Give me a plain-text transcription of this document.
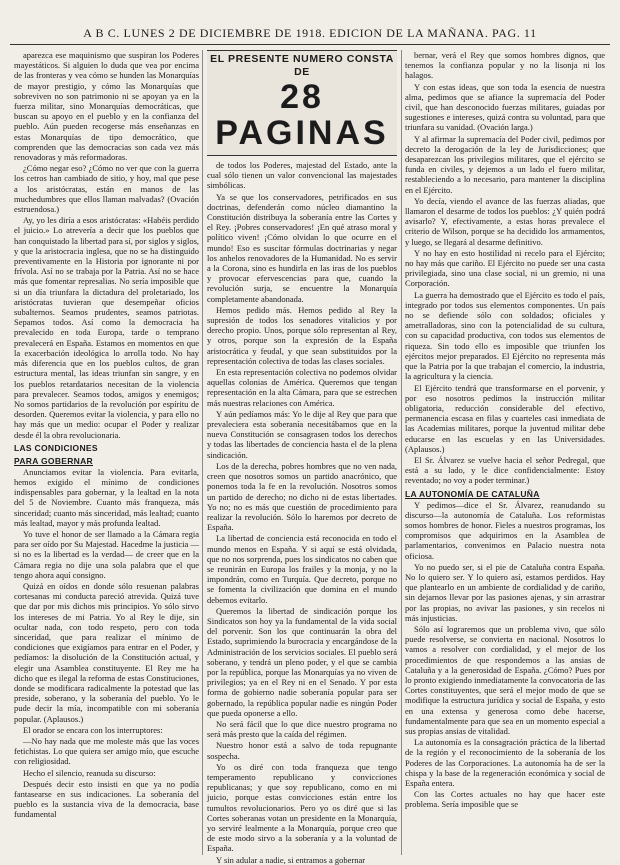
A B C. LUNES 2 DE DICIEMBRE DE 1918. EDICION DE LA MAÑANA. PAG. 11

aparezca ese maquinismo que suspiran los Poderes mayestáticos. Si alguien lo duda que vea por encima de las fronteras y vea cómo se hunden las Monarquías de mayor prestigio, y cómo las Monarquías que sobreviven no son patrimonio ni se apoyan ya en la fuerza militar, sino Monarquías democráticas, que buscan su apoyo en el pueblo y en la confianza del pueblo. Aún pueden recogerse más enseñanzas en estas Monarquías de tipo democrático, que comprenden que las democracias son cada vez más renovadoras y más reformadoras.

¿Cómo negar eso? ¿Cómo no ver que con la guerra los cetros han cambiado de sitio, y hoy, mal que pese a los aristócratas, están en manos de las muchedumbres que ellos llaman malvadas? (Ovación estruendosa.)

Ay, yo les diría a esos aristócratas: «Habéis perdido el juicio.» Lo atrevería a decir que los pueblos que han conquistado la libertad para sí, por siglos y siglos, y que la aristocracia inglesa, que no se ha distinguido preventivamente en la Historia por ignorante ni por frívola. Así no se trabaja por la Patria. Así no se hace más que fomentar represalias. No sería imposible que si un día triunfara la dictadura del proletariado, los aristócratas tuvieran que desempeñar oficios subalternos. Seamos prudentes, seamos patriotas. Sepamos todos. Así como la democracia ha prevalecido en toda Europa, tarde o temprano prevalecerá en España. Estamos en momentos en que la exacerbación ideológica lo arrolla todo. No hay más diferencia que en los pueblos cultos, de gran estructura mental, las ideas triunfan sin sangre, y en los pueblos retardatarios necesitan de la violencia para prevalecer. Seamos todos, amigos y enemigos; No somos partidarios de la revolución por espíritu de desorden. Queremos evitar la violencia, y para ello no hay más que un medio: ocupar el Poder y realizar desde él la obra revolucionaria.

LAS CONDICIONES
PARA GOBERNAR

Anunciamos evitar la violencia. Para evitarla, hemos exigido el mínimo de condiciones indispensables para gobernar, y la lealtad en la nota del 5 de Noviembre. Cuanto más franqueza, más sinceridad; cuanto más sinceridad, más lealtad; cuanto más lealtad, mayor y más profunda lealtad.

Yo tuve el honor de ser llamado a la Cámara regia para ser oído por Su Majestad. Hacedme la justicia —si no es la libertad es la verdad— de creer que en la Cámara regia no dije una sola palabra que el que tengo ahora aquí consigno.

Quizá en oídos en donde sólo resuenan palabras cortesanas mi conducta pareció atrevida. Quizá tuve que dar por mis dichos mis principios. Yo sólo sirvo los intereses de mi Patria. Yo al Rey le dije, sin ocultar nada, con todo respeto, pero con toda sinceridad, que para realizar el mínimo de condiciones que exigíamos para entrar en el Poder, y pedíamos: la disolución de la Constitución actual, y elegir una Asamblea constituyente. El Rey me ha dicho que es ilegal la reforma de estas Constituciones, donde se modificara radicalmente la potestad que las preside, soberano, y la soberanía del pueblo. Yo le pude decir la mía, incompatible con mi soberanía popular. (Aplausos.)

El orador se encara con los interruptores:

—No hay nada que me moleste más que las voces fetichistas. Lo que quiera ser amigo mío, que escuche con religiosidad.

Hecho el silencio, reanuda su discurso:

Después decir esto insisti en que ya no podía fantasearse en sus indicaciones. La soberanía del pueblo es la sustancia viva de la democracia, base fundamental

EL PRESENTE NUMERO CONSTA DE
28 PAGINAS

de todos los Poderes, majestad del Estado, ante la cual sólo tienen un valor convencional las majestades simbólicas.

Ya se que los conservadores, petrificados en sus doctrinas, defenderán como núcleo diamantino la Constitución distribuya la soberanía entre las Cortes y el Rey. ¡Pobres conservadores! ¡En qué atraso moral y político viven! ¡Cómo olvidan lo que ocurre en el mundo! Eso es suscitar fórmulas doctrinarias y negar los anhelos renovadores de la Humanidad. No es servir a la Corona, sino es hundirla en las iras de los pueblos y provocar efervescencias para que, cuando la revolución surja, se encuentre la Monarquía completamente abandonada.

Hemos pedido más. Hemos pedido al Rey la supresión de todos los senadores vitalicios y por derecho propio. Unos, porque sólo representan al Rey, y otros, porque son la expresión de la España aristocrática y feudal, y que sean substituidos por la representación colectiva de todas las clases sociales.

En esta representación colectiva no podemos olvidar aquellas colonias de América. Queremos que tengan representación en la alta Cámara, para que se estrechen más nuestras relaciones con América.

Y aún pedíamos más: Yo le dije al Rey que para que prevaleciera esta soberanía necesitábamos que en la nueva Constitución se consagrasen todos los derechos y todas las libertades de conciencia hasta el de la plena sindicación.

Los de la derecha, pobres hombres que no ven nada, creen que nosotros somos un partido anacrónico, que ponemos toda la fe en la revolución. Nosotros somos un partido de derecho; no dicho ni de estas libertades. Yo no; no es más que cuestión de procedimiento para realizar la revolución. Sólo lo haremos por decreto de España.

La libertad de conciencia está reconocida en todo el mundo menos en España. Y si aquí se está olvidada, que no nos sorprenda, pues los sindicatos no caben que se reunirán en Europa los frailes y la monja, y no la impondrán, como en Turquía. Que decreto, porque no se fomenta la civilización que domina en el mundo debemos evitarlo.

Queremos la libertad de sindicación porque los Sindicatos son hoy ya la fundamental de la vida social del porvenir. Son los que continuarán la obra del Estado, suprimiendo la burocracia y encargándose de la Administración de los servicios sociales. El pueblo será soberano, y tendrá un pleno poder, y el que se cambia por la república, porque las Monarquías ya no viven de privilegios; ya en el Rey ni en el Senado. Y por esta forma de gobierno nadie soberanía popular para ser gobernado, la república popular nadie es ningún Poder que pueda oponerse a ello.

No será fácil que lo que dice nuestro programa no será más presto que la caída del régimen.

Nuestro honor está a salvo de toda repugnante sospecha.

Yo os diré con toda franqueza que tengo temperamento republicano y convicciones republicanas; y que soy republicano, como en mi juicio, porque estas convicciones están entre los tumultos revolucionarios. Pero yo os diré que si las Cortes soberanas votan un presidente en la Monarquía, yo serviré lealmente a la Monarquía, porque creo que de este modo sirvo a la soberanía y a la voluntad de España.

Y sin adular a nadie, si entramos a gobernar

bernar, verá el Rey que somos hombres dignos, que tenemos la confianza popular y no la lisonja ni los halagos.

Y con estas ideas, que son toda la esencia de nuestra alma, pedimos que se afiance la supremacía del Poder civil, que han desconocido fuerzas militares, guiadas por sugestiones e intereses, quizá contra su voluntad, para que triunfara su vanidad. (Ovación larga.)

Y al afirmar la supremacía del Poder civil, pedimos por decreto la derogación de la ley de Jurisdicciones; que desaparezcan los privilegios militares, que el ejército se funda en civiles, y dejemos a un lado el fuero militar, restableciendo a lo necesario, para mantener la disciplina en el Ejército.

Yo decía, viendo el avance de las fuerzas aliadas, que llamaron el desarme de todos los pueblos: ¿Y quién podrá avisarlo? Y, efectivamente, a estas horas prevalece el criterio de Wilson, porque se ha decidido los armamentos, y luego, se llegará al desarme definitivo.

Y no hay en esto hostilidad ni recelo para el Ejército; no hay más que cariño. El Ejército no puede ser una casta privilegiada, sino una clase social, ni un gremio, ni una Corporación.

La guerra ha demostrado que el Ejército es todo el país, integrado por todos sus elementos componentes. Un país no se defiende sólo con soldados; oficiales y ametralladoras, sino con la potencialidad de su cultura, con su capacidad productiva, con todos sus elementos de riqueza. Sin todo ello es imposible que triunfen los ejércitos mejor preparados. El Ejército no representa más que la Patria por la que trabajan el comercio, la industria, la agricultura y la ciencia.

El Ejército tendrá que transformarse en el porvenir, y por eso nosotros pedimos la instrucción militar obligatoria, reducción considerable del efectivo, permanencia escasa en filas y cuarteles casi inmediata de las Academias militares, porque la juventud militar debe educarse en las escuelas y en las Universidades. (Aplausos.)

El Sr. Álvarez se vuelve hacia el señor Pedregal, que está a su lado, y le dice confidencialmente: Estoy reventado; no voy a poder terminar.)

LA AUTONOMÍA DE CATALUÑA

Y pedimos—dice el Sr. Álvarez, reanudando su discurso—la autonomía de Cataluña. Los reformistas somos hombres de honor. Fieles a nuestros programas, los compromisos que adquirimos en la Asamblea de parlamentarios, convenimos en Palacio nuestra nota oficiosa.

Yo no puedo ser, si el pie de Cataluña contra España. No lo quiero ser. Y lo quiero así, estamos perdidos. Hay que plantearlo en un ambiente de cordialidad y de cariño, sin dejarnos llevar por las pasiones ajenas, y sin arrastrar por las propias, no avivar las pasiones, y sin recelos ni más injusticias.

Sólo así lograremos que un problema vivo, que sólo puede resolverse, se convierta en nacional. Nosotros lo vamos a resolver con cordialidad, y el mejor de los procedimientos de que respondemos a las ansias de Cataluña y a la generosidad de España. ¿Cómo? Pues por lo pronto exigiendo inmediatamente la convocatoria de las Cortes constituyentes, que será el mejor modo de que se modifique la estructura jurídica y social de España, y esto en una extensa y generosa como debe hacerse, fundamentalmente para que sea en un momento especial a sus propias ansias de vitalidad.

La autonomía es la consagración práctica de la libertad de la región y el reconocimiento de la soberanía de los Poderes de las Corporaciones. La autonomía ha de ser la chispa y la base de la regeneración económica y social de España entera.

Con las Cortes actuales no hay que hacer este problema. Sería imposible que se
